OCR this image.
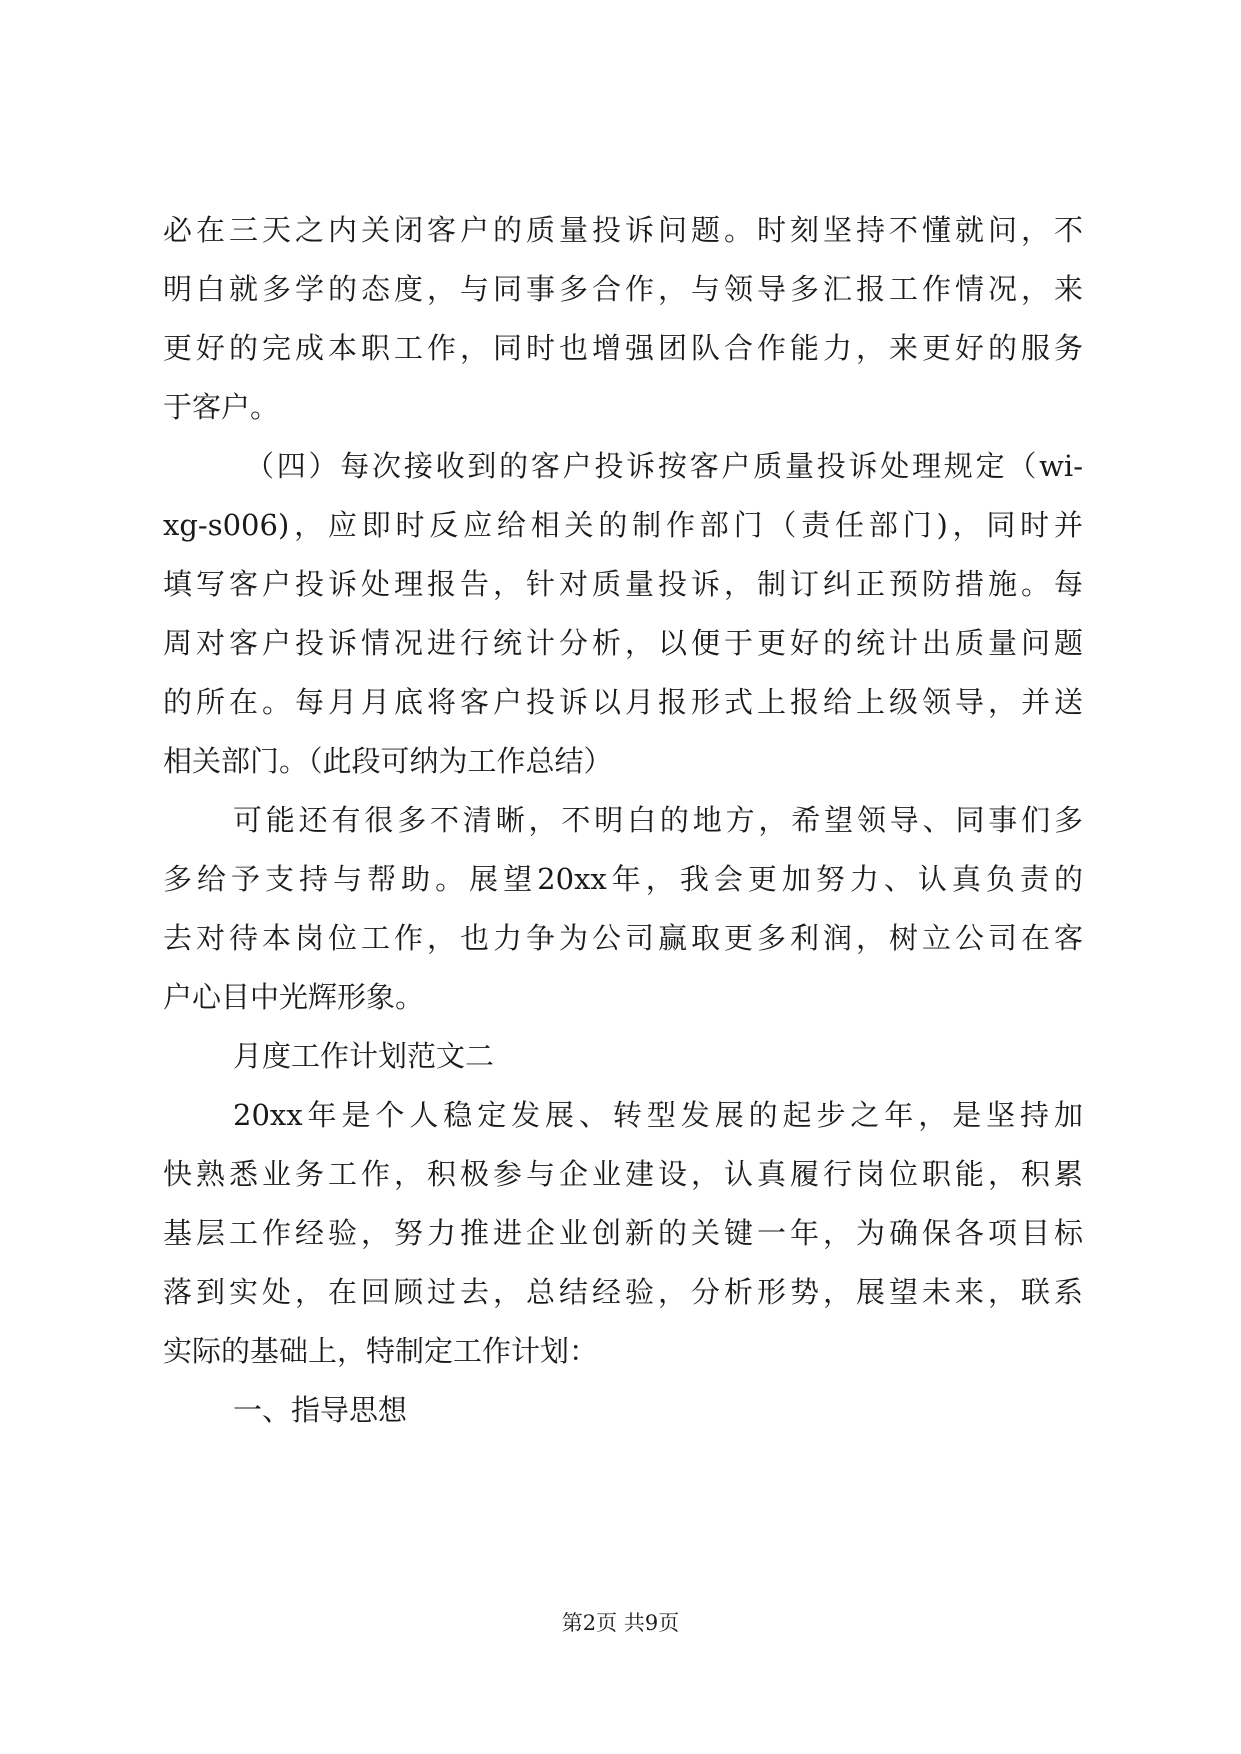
必在三天之内关闭客户的质量投诉问题。时刻坚持不懂就问，不
明白就多学的态度，与同事多合作，与领导多汇报工作情况，来
更好的完成本职工作，同时也增强团队合作能力，来更好的服务
于客户。
（四）每次接收到的客户投诉按客户质量投诉处理规定（wi-
xg-s006)，应即时反应给相关的制作部门（责任部门)，同时并
填写客户投诉处理报告，针对质量投诉，制订纠正预防措施。每
周对客户投诉情况进行统计分析，以便于更好的统计出质量问题
的所在。每月月底将客户投诉以月报形式上报给上级领导，并送
相关部门。（此段可纳为工作总结）
可能还有很多不清晰，不明白的地方，希望领导、同事们多
多给予支持与帮助。展望20xx年，我会更加努力、认真负责的
去对待本岗位工作，也力争为公司赢取更多利润，树立公司在客
户心目中光辉形象。
月度工作计划范文二
20xx年是个人稳定发展、转型发展的起步之年，是坚持加
快熟悉业务工作，积极参与企业建设，认真履行岗位职能，积累
基层工作经验，努力推进企业创新的关键一年，为确保各项目标
落到实处，在回顾过去，总结经验，分析形势，展望未来，联系
实际的基础上，特制定工作计划：
一、指导思想
第2页 共9页
